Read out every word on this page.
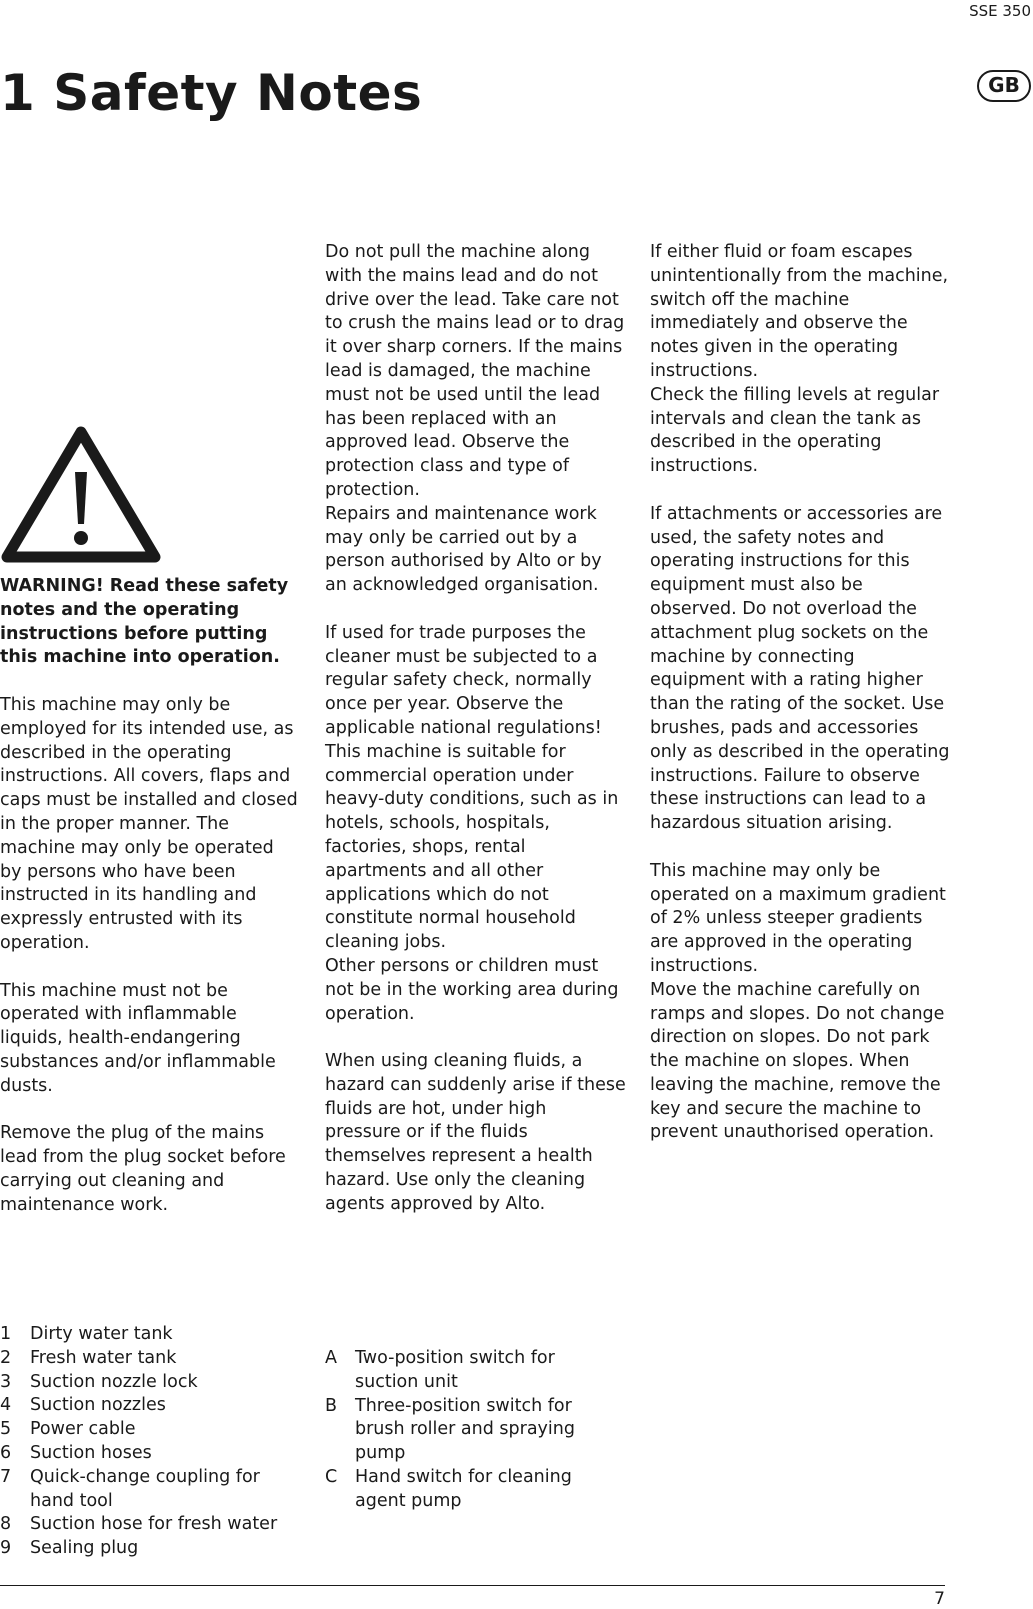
SSE 350
GB
1 Safety Notes

WARNING! Read these safety notes and the operating instructions before putting this machine into operation.

This machine may only be employed for its intended use, as described in the operating instructions. All covers, flaps and caps must be installed and closed in the proper manner. The machine may only be operated by persons who have been instructed in its handling and expressly entrusted with its operation.

This machine must not be operated with inflammable liquids, health-endangering substances and/or inflammable dusts.

Remove the plug of the mains lead from the plug socket before carrying out cleaning and maintenance work.

Do not pull the machine along with the mains lead and do not drive over the lead. Take care not to crush the mains lead or to drag it over sharp corners. If the mains lead is damaged, the machine must not be used until the lead has been replaced with an approved lead. Observe the protection class and type of protection.

Repairs and maintenance work may only be carried out by a person authorised by Alto or by an acknowledged organisation.

If used for trade purposes the cleaner must be subjected to a regular safety check, normally once per year. Observe the applicable national regulations!

This machine is suitable for commercial operation under heavy-duty conditions, such as in hotels, schools, hospitals, factories, shops, rental apartments and all other applications which do not constitute normal household cleaning jobs.

Other persons or children must not be in the working area during operation.

When using cleaning fluids, a hazard can suddenly arise if these fluids are hot, under high pressure or if the fluids themselves represent a health hazard. Use only the cleaning agents approved by Alto.

If either fluid or foam escapes unintentionally from the machine, switch off the machine immediately and observe the notes given in the operating instructions.

Check the filling levels at regular intervals and clean the tank as described in the operating instructions.

If attachments or accessories are used, the safety notes and operating instructions for this equipment must also be observed. Do not overload the attachment plug sockets on the machine by connecting equipment with a rating higher than the rating of the socket. Use brushes, pads and accessories only as described in the operating instructions. Failure to observe these instructions can lead to a hazardous situation arising.

This machine may only be operated on a maximum gradient of 2% unless steeper gradients are approved in the operating instructions.

Move the machine carefully on ramps and slopes. Do not change direction on slopes. Do not park the machine on slopes. When leaving the machine, remove the key and secure the machine to prevent unauthorised operation.

1	Dirty water tank
2	Fresh water tank
3	Suction nozzle lock
4	Suction nozzles
5	Power cable
6	Suction hoses
7	Quick-change coupling for hand tool
8	Suction hose for fresh water
9	Sealing plug
A	Two-position switch for suction unit
B	Three-position switch for brush roller and spraying pump
C	Hand switch for cleaning agent pump
7
